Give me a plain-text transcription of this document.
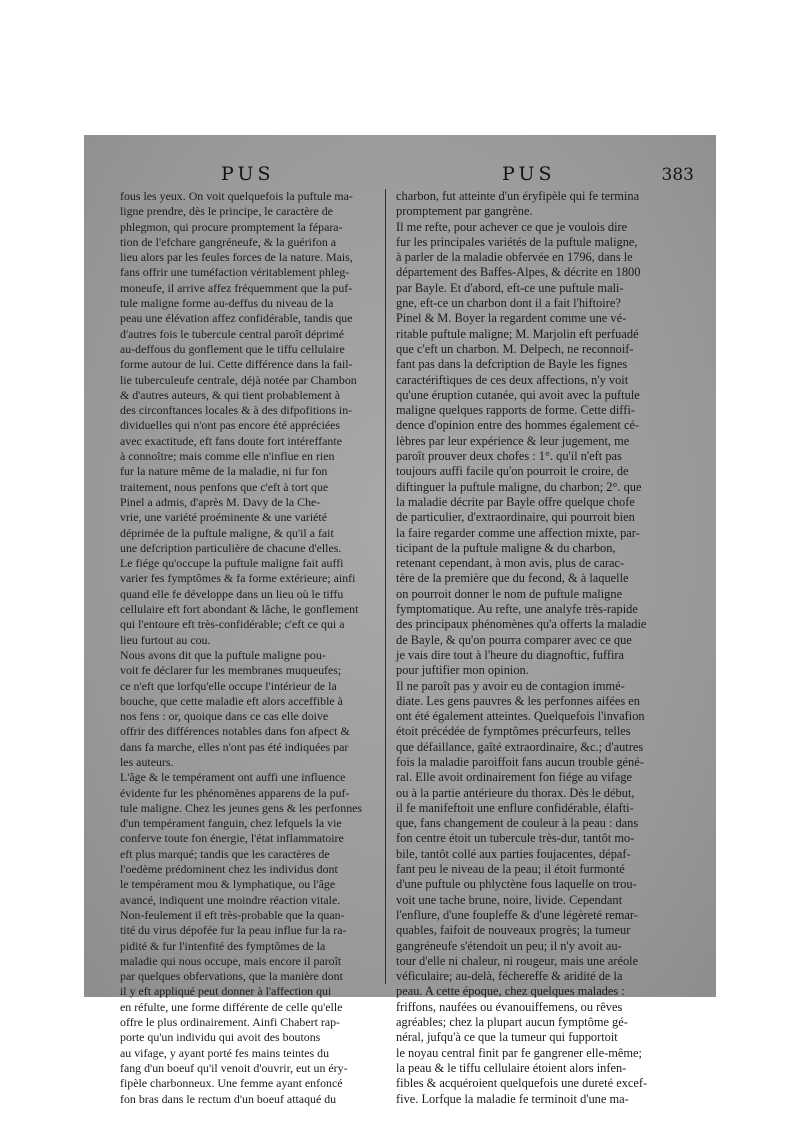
PUS	PUS	383
fous les yeux. On voit quelquefois la puftule ma-
ligne prendre, dès le principe, le caractère de
phlegmon, qui procure promptement la fépara-
tion de l'efchare gangréneufe, & la guérifon a
lieu alors par les feules forces de la nature. Mais,
fans offrir une tuméfaction véritablement phleg-
moneufe, il arrive affez fréquemment que la puf-
tule maligne forme au-deffus du niveau de la
peau une élévation affez confidérable, tandis que
d'autres fois le tubercule central paroît déprimé
au-deffous du gonflement que le tiffu cellulaire
forme autour de lui. Cette différence dans la fail-
lie tuberculeufe centrale, déjà notée par Chambon
& d'autres auteurs, & qui tient probablement à
des circonftances locales & à des difpofitions in-
dividuelles qui n'ont pas encore été appréciées
avec exactitude, eft fans doute fort intéreffante
à connoître; mais comme elle n'influe en rien
fur la nature même de la maladie, ni fur fon
traitement, nous penfons que c'eft à tort que
Pinel a admis, d'après M. Davy de la Che-
vrie, une variété proéminente & une variété
déprimée de la puftule maligne, & qu'il a fait
une defcription particulière de chacune d'elles.
Le fiége qu'occupe la puftule maligne fait auffi
varier fes fymptômes & fa forme extérieure; ainfi
quand elle fe développe dans un lieu où le tiffu
cellulaire eft fort abondant & lâche, le gonflement
qui l'entoure eft très-confidérable; c'eft ce qui a
lieu furtout au cou.
Nous avons dit que la puftule maligne pou-
voit fe déclarer fur les membranes muqueufes;
ce n'eft que lorfqu'elle occupe l'intérieur de la
bouche, que cette maladie eft alors acceffible à
nos fens : or, quoique dans ce cas elle doive
offrir des différences notables dans fon afpect &
dans fa marche, elles n'ont pas été indiquées par
les auteurs.
L'âge & le tempérament ont auffi une influence
évidente fur les phénomènes apparens de la puf-
tule maligne. Chez les jeunes gens & les perfonnes
d'un tempérament fanguin, chez lefquels la vie
conferve toute fon énergie, l'état inflammatoire
eft plus marqué; tandis que les caractères de
l'oedème prédominent chez les individus dont
le tempérament mou & lymphatique, ou l'âge
avancé, indiquent une moindre réaction vitale.
Non-feulement il eft très-probable que la quan-
tité du virus dépofée fur la peau influe fur la ra-
pidité & fur l'intenfité des fymptômes de la
maladie qui nous occupe, mais encore il paroît
par quelques obfervations, que la manière dont
il y eft appliqué peut donner à l'affection qui
en réfulte, une forme différente de celle qu'elle
offre le plus ordinairement. Ainfi Chabert rap-
porte qu'un individu qui avoit des boutons
au vifage, y ayant porté fes mains teintes du
fang d'un boeuf qu'il venoit d'ouvrir, eut un éry-
fipèle charbonneux. Une femme ayant enfoncé
fon bras dans le rectum d'un boeuf attaqué du
charbon, fut atteinte d'un éryfipèle qui fe termina
promptement par gangrène.
Il me refte, pour achever ce que je voulois dire
fur les principales variétés de la puftule maligne,
à parler de la maladie obfervée en 1796, dans le
département des Baffes-Alpes, & décrite en 1800
par Bayle. Et d'abord, eft-ce une puftule mali-
gne, eft-ce un charbon dont il a fait l'hiftoire?
Pinel & M. Boyer la regardent comme une vé-
ritable puftule maligne; M. Marjolin eft perfuadé
que c'eft un charbon. M. Delpech, ne reconnoif-
fant pas dans la defcription de Bayle les fignes
caractériftiques de ces deux affections, n'y voit
qu'une éruption cutanée, qui avoit avec la puftule
maligne quelques rapports de forme. Cette diffi-
dence d'opinion entre des hommes également cé-
lèbres par leur expérience & leur jugement, me
paroît prouver deux chofes : 1°. qu'il n'eft pas
toujours auffi facile qu'on pourroit le croire, de
diftinguer la puftule maligne, du charbon; 2°. que
la maladie décrite par Bayle offre quelque chofe
de particulier, d'extraordinaire, qui pourroit bien
la faire regarder comme une affection mixte, par-
ticipant de la puftule maligne & du charbon,
retenant cependant, à mon avis, plus de carac-
tère de la première que du fecond, & à laquelle
on pourroit donner le nom de puftule maligne
fymptomatique. Au refte, une analyfe très-rapide
des principaux phénomènes qu'a offerts la maladie
de Bayle, & qu'on pourra comparer avec ce que
je vais dire tout à l'heure du diagnoftic, fuffira
pour juftifier mon opinion.
Il ne paroît pas y avoir eu de contagion immé-
diate. Les gens pauvres & les perfonnes aifées en
ont été également atteintes. Quelquefois l'invafion
étoit précédée de fymptômes précurfeurs, telles
que défaillance, gaîté extraordinaire, &c.; d'autres
fois la maladie paroiffoit fans aucun trouble géné-
ral. Elle avoit ordinairement fon fiége au vifage
ou à la partie antérieure du thorax. Dès le début,
il fe manifeftoit une enflure confidérable, élafti-
que, fans changement de couleur à la peau : dans
fon centre étoit un tubercule très-dur, tantôt mo-
bile, tantôt collé aux parties foujacentes, dépaf-
fant peu le niveau de la peau; il étoit furmonté
d'une puftule ou phlyctène fous laquelle on trou-
voit une tache brune, noire, livide. Cependant
l'enflure, d'une foupleffe & d'une légèreté remar-
quables, faifoit de nouveaux progrès; la tumeur
gangréneufe s'étendoit un peu; il n'y avoit au-
tour d'elle ni chaleur, ni rougeur, mais une aréole
véficulaire; au-delà, féchereffe & aridité de la
peau. A cette époque, chez quelques malades :
friffons, naufées ou évanouiffemens, ou rêves
agréables; chez la plupart aucun fymptôme gé-
néral, jufqu'à ce que la tumeur qui fupportoit
le noyau central finit par fe gangrener elle-même;
la peau & le tiffu cellulaire étoient alors infen-
fibles & acquéroient quelquefois une dureté excef-
five. Lorfque la maladie fe terminoit d'une ma-
